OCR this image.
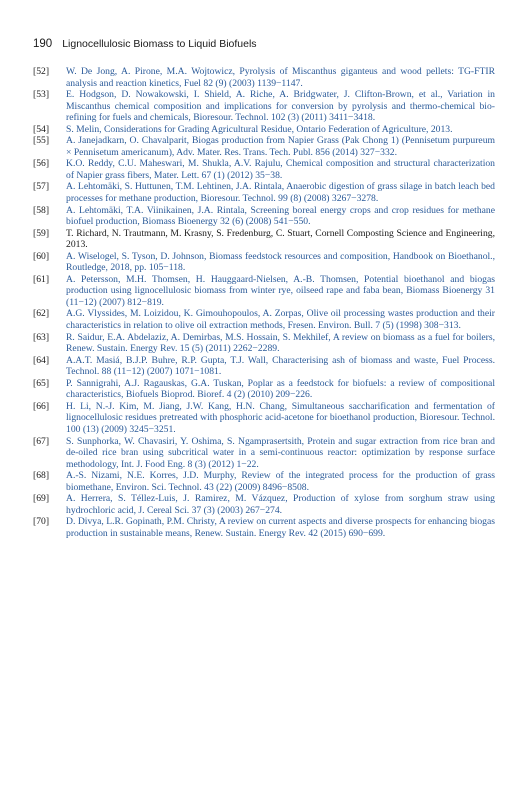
190 Lignocellulosic Biomass to Liquid Biofuels
[52]	W. De Jong, A. Pirone, M.A. Wojtowicz, Pyrolysis of Miscanthus giganteus and wood pellets: TG-FTIR analysis and reaction kinetics, Fuel 82 (9) (2003) 1139−1147.
[53]	E. Hodgson, D. Nowakowski, I. Shield, A. Riche, A. Bridgwater, J. Clifton-Brown, et al., Variation in Miscanthus chemical composition and implications for conversion by pyrolysis and thermo-chemical bio-refining for fuels and chemicals, Bioresour. Technol. 102 (3) (2011) 3411−3418.
[54]	S. Melin, Considerations for Grading Agricultural Residue, Ontario Federation of Agriculture, 2013.
[55]	A. Janejadkarn, O. Chavalparit, Biogas production from Napier Grass (Pak Chong 1) (Pennisetum purpureum × Pennisetum americanum), Adv. Mater. Res. Trans. Tech. Publ. 856 (2014) 327−332.
[56]	K.O. Reddy, C.U. Maheswari, M. Shukla, A.V. Rajulu, Chemical composition and structural characterization of Napier grass fibers, Mater. Lett. 67 (1) (2012) 35−38.
[57]	A. Lehtomäki, S. Huttunen, T.M. Lehtinen, J.A. Rintala, Anaerobic digestion of grass silage in batch leach bed processes for methane production, Bioresour. Technol. 99 (8) (2008) 3267−3278.
[58]	A. Lehtomäki, T.A. Viinikainen, J.A. Rintala, Screening boreal energy crops and crop residues for methane biofuel production, Biomass Bioenergy 32 (6) (2008) 541−550.
[59]	T. Richard, N. Trautmann, M. Krasny, S. Fredenburg, C. Stuart, Cornell Composting Science and Engineering, 2013.
[60]	A. Wiselogel, S. Tyson, D. Johnson, Biomass feedstock resources and composition, Handbook on Bioethanol., Routledge, 2018, pp. 105−118.
[61]	A. Petersson, M.H. Thomsen, H. Hauggaard-Nielsen, A.-B. Thomsen, Potential bioethanol and biogas production using lignocellulosic biomass from winter rye, oilseed rape and faba bean, Biomass Bioenergy 31 (11−12) (2007) 812−819.
[62]	A.G. Vlyssides, M. Loizidou, K. Gimouhopoulos, A. Zorpas, Olive oil processing wastes production and their characteristics in relation to olive oil extraction methods, Fresen. Environ. Bull. 7 (5) (1998) 308−313.
[63]	R. Saidur, E.A. Abdelaziz, A. Demirbas, M.S. Hossain, S. Mekhilef, A review on biomass as a fuel for boilers, Renew. Sustain. Energy Rev. 15 (5) (2011) 2262−2289.
[64]	A.A.T. Masiá, B.J.P. Buhre, R.P. Gupta, T.J. Wall, Characterising ash of biomass and waste, Fuel Process. Technol. 88 (11−12) (2007) 1071−1081.
[65]	P. Sannigrahi, A.J. Ragauskas, G.A. Tuskan, Poplar as a feedstock for biofuels: a review of compositional characteristics, Biofuels Bioprod. Bioref. 4 (2) (2010) 209−226.
[66]	H. Li, N.-J. Kim, M. Jiang, J.W. Kang, H.N. Chang, Simultaneous saccharification and fermentation of lignocellulosic residues pretreated with phosphoric acid-acetone for bioethanol production, Bioresour. Technol. 100 (13) (2009) 3245−3251.
[67]	S. Sunphorka, W. Chavasiri, Y. Oshima, S. Ngamprasertsith, Protein and sugar extraction from rice bran and de-oiled rice bran using subcritical water in a semi-continuous reactor: optimization by response surface methodology, Int. J. Food Eng. 8 (3) (2012) 1−22.
[68]	A.-S. Nizami, N.E. Korres, J.D. Murphy, Review of the integrated process for the production of grass biomethane, Environ. Sci. Technol. 43 (22) (2009) 8496−8508.
[69]	A. Herrera, S. Téllez-Luis, J. Ramirez, M. Vázquez, Production of xylose from sorghum straw using hydrochloric acid, J. Cereal Sci. 37 (3) (2003) 267−274.
[70]	D. Divya, L.R. Gopinath, P.M. Christy, A review on current aspects and diverse prospects for enhancing biogas production in sustainable means, Renew. Sustain. Energy Rev. 42 (2015) 690−699.
